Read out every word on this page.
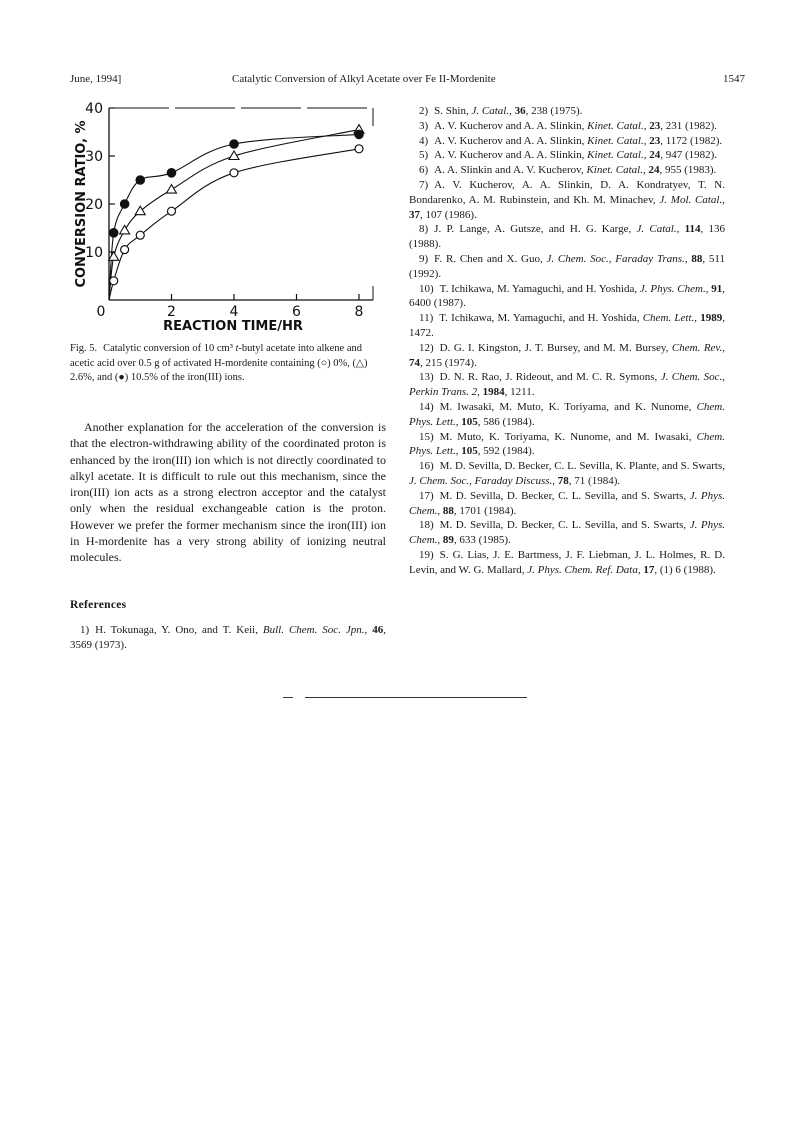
June, 1994]	Catalytic Conversion of Alkyl Acetate over Fe II-Mordenite	1547
10
20
30
40
0	2	4	6	8
REACTION TIME/HR
CONVERSION RATIO, %
Fig. 5. Catalytic conversion of 10 cm³ t-butyl acetate into alkene and acetic acid over 0.5 g of activated H-mordenite containing (○) 0%, (△) 2.6%, and (●) 10.5% of the iron(III) ions.

Another explanation for the acceleration of the conversion is that the electron-withdrawing ability of the coordinated proton is enhanced by the iron(III) ion which is not directly coordinated to alkyl acetate. It is difficult to rule out this mechanism, since the iron(III) ion acts as a strong electron acceptor and the catalyst only when the residual exchangeable cation is the proton. However we prefer the former mechanism since the iron(III) ion in H-mordenite has a very strong ability of ionizing neutral molecules.

References

1) H. Tokunaga, Y. Ono, and T. Keii, Bull. Chem. Soc. Jpn., 46, 3569 (1973).

2) S. Shin, J. Catal., 36, 238 (1975).

3) A. V. Kucherov and A. A. Slinkin, Kinet. Catal., 23, 231 (1982).

4) A. V. Kucherov and A. A. Slinkin, Kinet. Catal., 23, 1172 (1982).

5) A. V. Kucherov and A. A. Slinkin, Kinet. Catal., 24, 947 (1982).

6) A. A. Slinkin and A. V. Kucherov, Kinet. Catal., 24, 955 (1983).

7) A. V. Kucherov, A. A. Slinkin, D. A. Kondratyev, T. N. Bondarenko, A. M. Rubinstein, and Kh. M. Minachev, J. Mol. Catal., 37, 107 (1986).

8) J. P. Lange, A. Gutsze, and H. G. Karge, J. Catal., 114, 136 (1988).

9) F. R. Chen and X. Guo, J. Chem. Soc., Faraday Trans., 88, 511 (1992).

10) T. Ichikawa, M. Yamaguchi, and H. Yoshida, J. Phys. Chem., 91, 6400 (1987).

11) T. Ichikawa, M. Yamaguchi, and H. Yoshida, Chem. Lett., 1989, 1472.

12) D. G. I. Kingston, J. T. Bursey, and M. M. Bursey, Chem. Rev., 74, 215 (1974).

13) D. N. R. Rao, J. Rideout, and M. C. R. Symons, J. Chem. Soc., Perkin Trans. 2, 1984, 1211.

14) M. Iwasaki, M. Muto, K. Toriyama, and K. Nunome, Chem. Phys. Lett., 105, 586 (1984).

15) M. Muto, K. Toriyama, K. Nunome, and M. Iwasaki, Chem. Phys. Lett., 105, 592 (1984).

16) M. D. Sevilla, D. Becker, C. L. Sevilla, K. Plante, and S. Swarts, J. Chem. Soc., Faraday Discuss., 78, 71 (1984).

17) M. D. Sevilla, D. Becker, C. L. Sevilla, and S. Swarts, J. Phys. Chem., 88, 1701 (1984).

18) M. D. Sevilla, D. Becker, C. L. Sevilla, and S. Swarts, J. Phys. Chem., 89, 633 (1985).

19) S. G. Lias, J. E. Bartmess, J. F. Liebman, J. L. Holmes, R. D. Levin, and W. G. Mallard, J. Phys. Chem. Ref. Data, 17, (1) 6 (1988).
